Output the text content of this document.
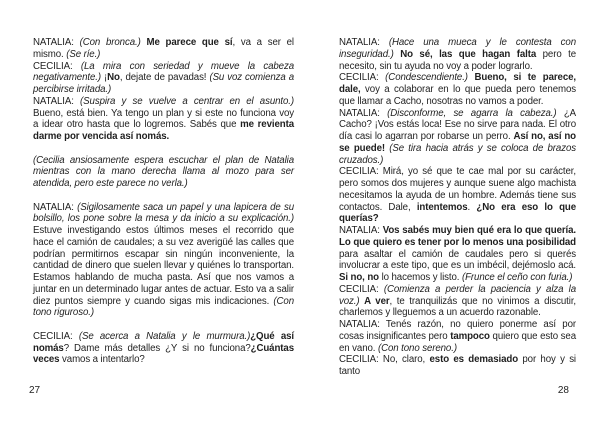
NATALIA: (Con bronca.) Me parece que sí, va a ser el mismo. (Se ríe.)

CECILIA: (La mira con seriedad y mueve la cabeza negativamente.) ¡No, dejate de pavadas! (Su voz comienza a percibirse irritada.)

NATALIA: (Suspira y se vuelve a centrar en el asunto.) Bueno, está bien. Ya tengo un plan y si este no funciona voy a idear otro hasta que lo logremos. Sabés que me revienta darme por vencida así nomás.

(Cecilia ansiosamente espera escuchar el plan de Natalia mientras con la mano derecha llama al mozo para ser atendida, pero este parece no verla.)

NATALIA: (Sigilosamente saca un papel y una lapicera de su bolsillo, los pone sobre la mesa y da inicio a su explicación.) Estuve investigando estos últimos meses el recorrido que hace el camión de caudales; a su vez averigüé las calles que podrían permitirnos escapar sin ningún inconveniente, la cantidad de dinero que suelen llevar y quiénes lo transportan. Estamos hablando de mucha pasta. Así que nos vamos a juntar en un determinado lugar antes de actuar. Esto va a salir diez puntos siempre y cuando sigas mis indicaciones. (Con tono riguroso.)

CECILIA: (Se acerca a Natalia y le murmura.)¿Qué así nomás? Dame más detalles ¿Y si no funciona?¿Cuántas veces vamos a intentarlo?

27

NATALIA: (Hace una mueca y le contesta con inseguridad.) No sé, las que hagan falta pero te necesito, sin tu ayuda no voy a poder lograrlo.

CECILIA: (Condescendiente.) Bueno, si te parece, dale, voy a colaborar en lo que pueda pero tenemos que llamar a Cacho, nosotras no vamos a poder.

NATALIA: (Disconforme, se agarra la cabeza.) ¿A Cacho? ¡Vos estás loca! Ese no sirve para nada. El otro día casi lo agarran por robarse un perro. Así no, así no se puede! (Se tira hacia atrás y se coloca de brazos cruzados.)

CECILIA: Mirá, yo sé que te cae mal por su carácter, pero somos dos mujeres y aunque suene algo machista necesitamos la ayuda de un hombre. Además tiene sus contactos. Dale, intentemos. ¿No era eso lo que querías?

NATALIA: Vos sabés muy bien qué era lo que quería. Lo que quiero es tener por lo menos una posibilidad para asaltar el camión de caudales pero si querés involucrar a este tipo, que es un imbécil, dejémoslo acá. Si no, no lo hacemos y listo. (Frunce el ceño con furia.)

CECILIA: (Comienza a perder la paciencia y alza la voz.) A ver, te tranquilizás que no vinimos a discutir, charlemos y lleguemos a un acuerdo razonable.

NATALIA: Tenés razón, no quiero ponerme así por cosas insignificantes pero tampoco quiero que esto sea en vano. (Con tono sereno.)

CECILIA: No, claro, esto es demasiado por hoy y si tanto

28
